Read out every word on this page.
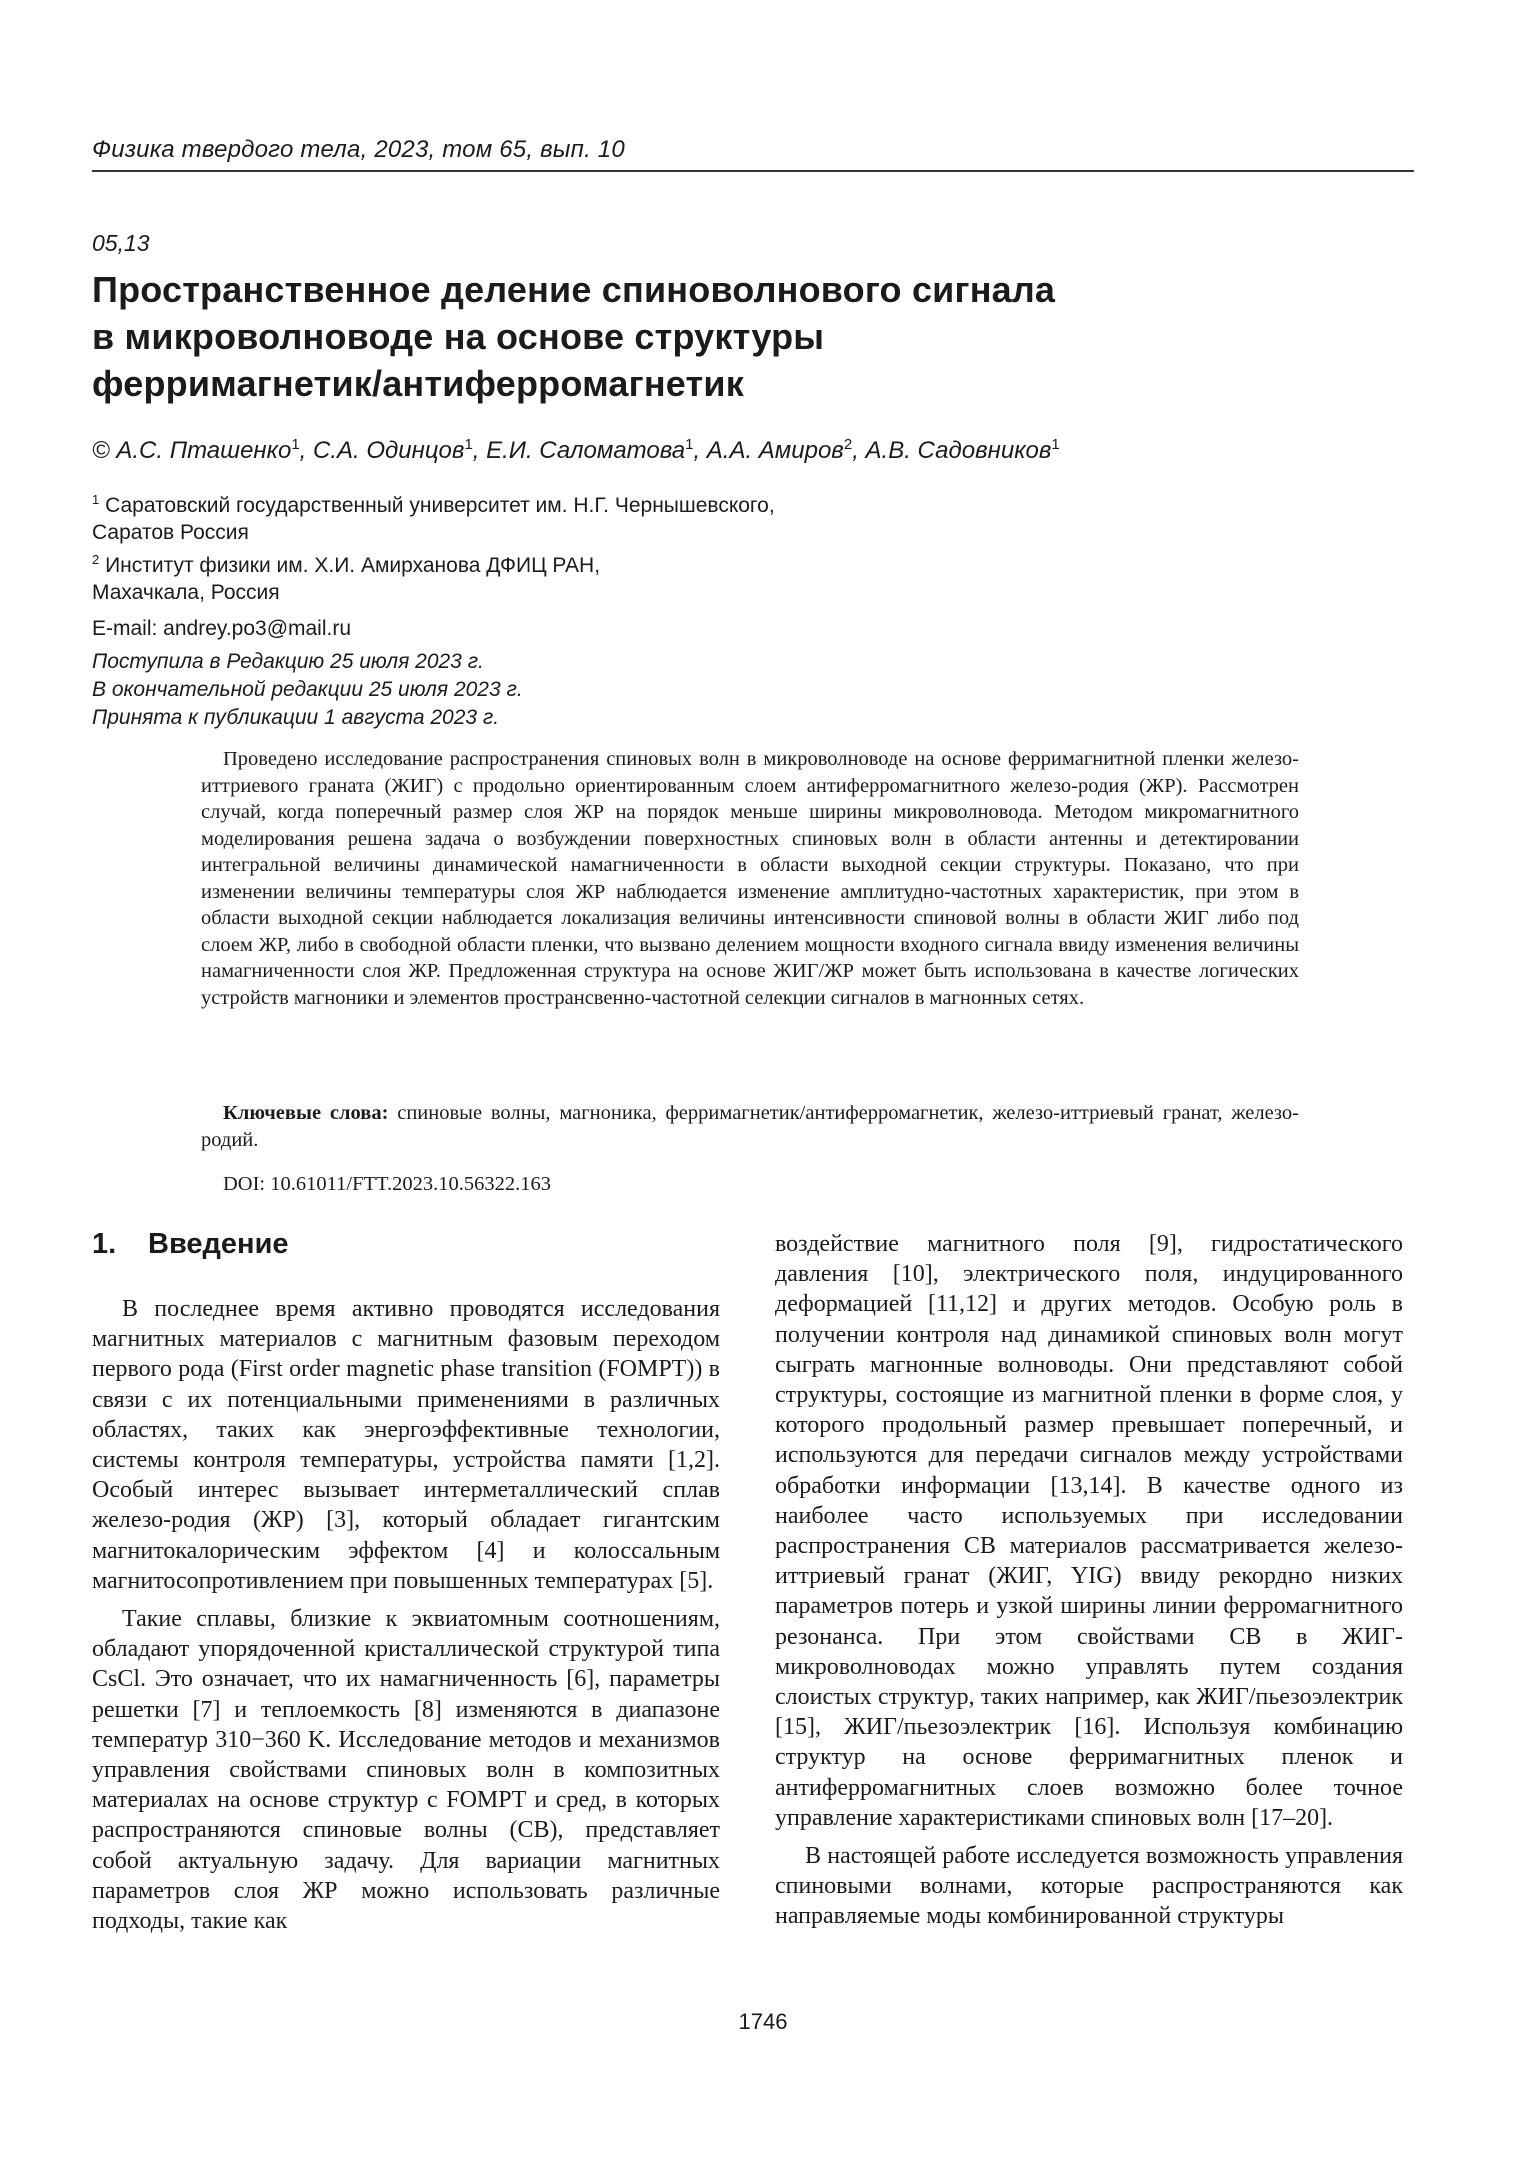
Физика твердого тела, 2023, том 65, вып. 10
05,13
Пространственное деление спиноволнового сигнала
в микроволноводе на основе структуры
ферримагнетик/антиферромагнетик
© А.С. Пташенко$^1$, С.А. Одинцов$^1$, Е.И. Саломатова$^1$, А.А. Амиров$^2$, А.В. Садовников$^1$
$^1$ Саратовский государственный университет им. Н.Г. Чернышевского,
Саратов Россия
$^2$ Институт физики им. Х.И. Амирханова ДФИЦ РАН,
Махачкала, Россия
E-mail: andrey.po3@mail.ru
Поступила в Редакцию 25 июля 2023 г.
В окончательной редакции 25 июля 2023 г.
Принята к публикации 1 августа 2023 г.
Проведено исследование распространения спиновых волн в микроволноводе на основе ферримагнитной пленки железо-иттриевого граната (ЖИГ) с продольно ориентированным слоем антиферромагнитного железо-родия (ЖР). Рассмотрен случай, когда поперечный размер слоя ЖР на порядок меньше ширины микроволновода. Методом микромагнитного моделирования решена задача о возбуждении поверхностных спиновых волн в области антенны и детектировании интегральной величины динамической намагниченности в области выходной секции структуры. Показано, что при изменении величины температуры слоя ЖР наблюдается изменение амплитудно-частотных характеристик, при этом в области выходной секции наблюдается локализация величины интенсивности спиновой волны в области ЖИГ либо под слоем ЖР, либо в свободной области пленки, что вызвано делением мощности входного сигнала ввиду изменения величины намагниченности слоя ЖР. Предложенная структура на основе ЖИГ/ЖР может быть использована в качестве логических устройств магноники и элементов пространсвенно-частотной селекции сигналов в магнонных сетях.
Ключевые слова: спиновые волны, магноника, ферримагнетик/антиферромагнетик, железо-иттриевый гранат, железо-родий.
DOI: 10.61011/FTT.2023.10.56322.163
1. Введение

В последнее время активно проводятся исследования магнитных материалов с магнитным фазовым переходом первого рода (First order magnetic phase transition (FOMPT)) в связи с их потенциальными применениями в различных областях, таких как энергоэффективные технологии, системы контроля температуры, устройства памяти [1,2]. Особый интерес вызывает интерметаллический сплав железо-родия (ЖР) [3], который обладает гигантским магнитокалорическим эффектом [4] и колоссальным магнитосопротивлением при повышенных температурах [5].

Такие сплавы, близкие к эквиатомным соотношениям, обладают упорядоченной кристаллической структурой типа CsCl. Это означает, что их намагниченность [6], параметры решетки [7] и теплоемкость [8] изменяются в диапазоне температур 310−360 K. Исследование методов и механизмов управления свойствами спиновых волн в композитных материалах на основе структур с FOMPT и сред, в которых распространяются спиновые волны (СВ), представляет собой актуальную задачу. Для вариации магнитных параметров слоя ЖР можно использовать различные подходы, такие как

воздействие магнитного поля [9], гидростатического давления [10], электрического поля, индуцированного деформацией [11,12] и других методов. Особую роль в получении контроля над динамикой спиновых волн могут сыграть магнонные волноводы. Они представляют собой структуры, состоящие из магнитной пленки в форме слоя, у которого продольный размер превышает поперечный, и используются для передачи сигналов между устройствами обработки информации [13,14]. В качестве одного из наиболее часто используемых при исследовании распространения СВ материалов рассматривается железо-иттриевый гранат (ЖИГ, YIG) ввиду рекордно низких параметров потерь и узкой ширины линии ферромагнитного резонанса. При этом свойствами СВ в ЖИГ-микроволноводах можно управлять путем создания слоистых структур, таких например, как ЖИГ/пьезоэлектрик [15], ЖИГ/пьезоэлектрик [16]. Используя комбинацию структур на основе ферримагнитных пленок и антиферромагнитных слоев возможно более точное управление характеристиками спиновых волн [17–20].

В настоящей работе исследуется возможность управления спиновыми волнами, которые распространяются как направляемые моды комбинированной структуры

1746
